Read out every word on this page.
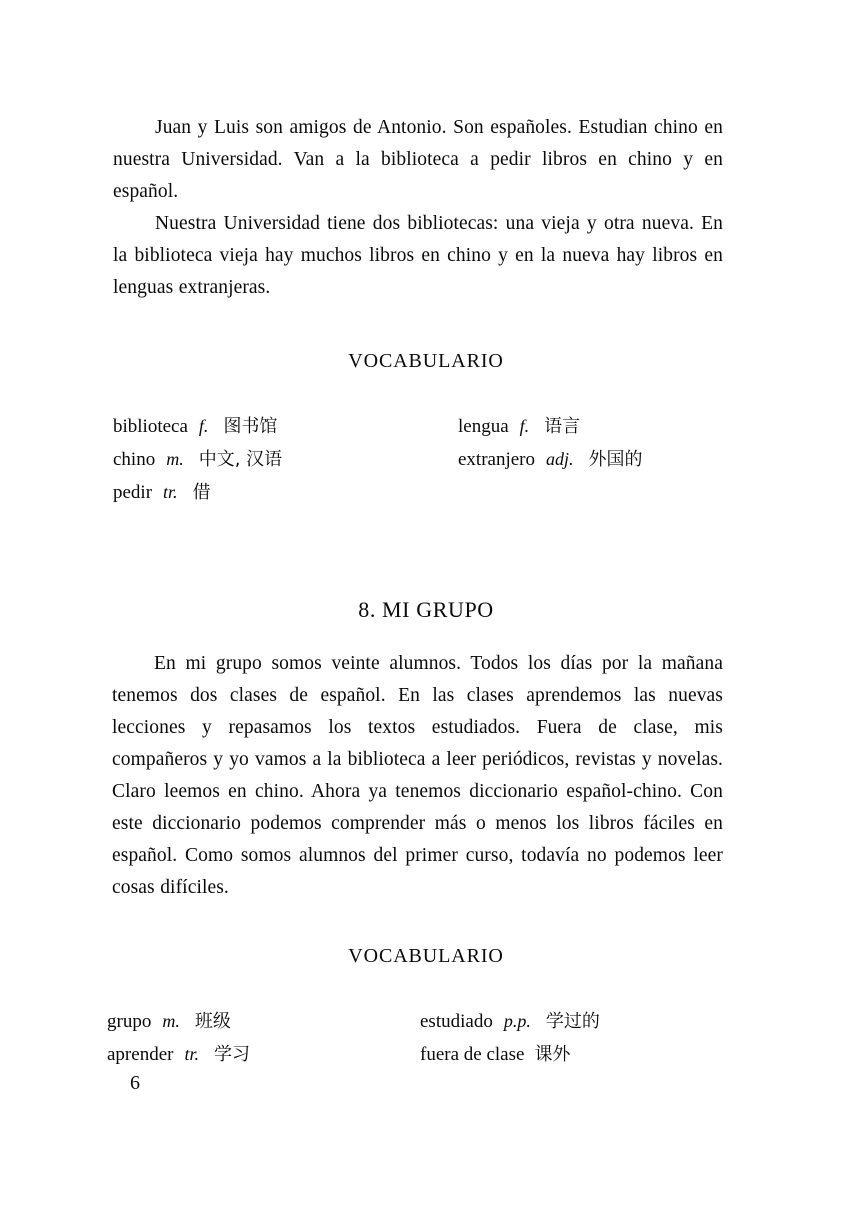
Juan y Luis son amigos de Antonio. Son españoles. Estudian chino en nuestra Universidad. Van a la biblioteca a pedir libros en chino y en español.

Nuestra Universidad tiene dos bibliotecas: una vieja y otra nueva. En la biblioteca vieja hay muchos libros en chino y en la nueva hay libros en lenguas extranjeras.

VOCABULARIO
biblioteca f. 图书馆
chino m. 中文, 汉语
pedir tr. 借
lengua f. 语言
extranjero adj. 外国的
8. MI GRUPO

En mi grupo somos veinte alumnos. Todos los días por la mañana tenemos dos clases de español. En las clases aprendemos las nuevas lecciones y repasamos los textos estudiados. Fuera de clase, mis compañeros y yo vamos a la biblioteca a leer periódicos, revistas y novelas. Claro leemos en chino. Ahora ya tenemos diccionario español-chino. Con este diccionario podemos comprender más o menos los libros fáciles en español. Como somos alumnos del primer curso, todavía no podemos leer cosas difíciles.

VOCABULARIO
grupo m. 班级
aprender tr. 学习
estudiado p.p. 学过的
fuera de clase 课外
6
